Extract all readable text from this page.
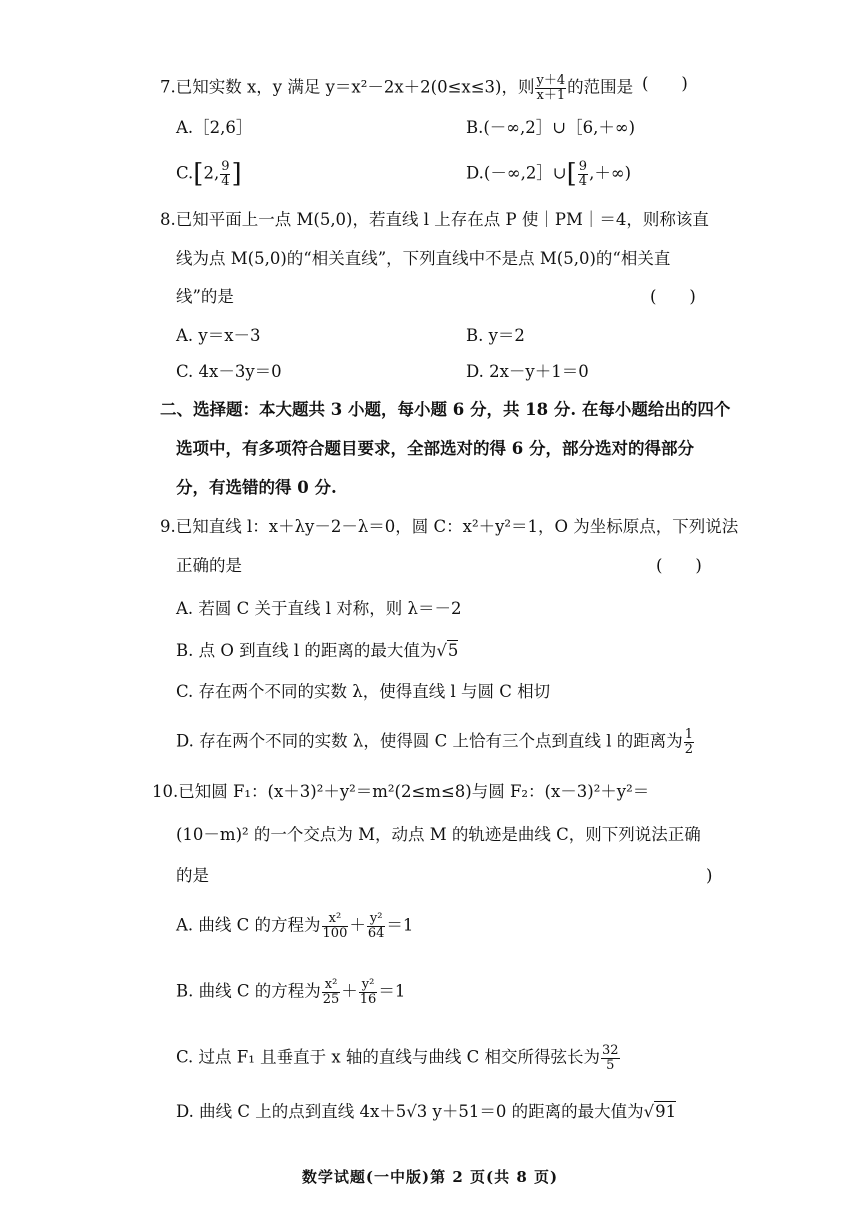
7.已知实数 x，y 满足 y＝x²－2x＋2(0≤x≤3)，则 $\frac{y+4}{x+1}$ 的范围是 (　　)
A.［2,6］	B.(－∞,2］∪［6,＋∞)
C.[2, $\frac{9}{4}$ ]	D.(－∞,2］∪[ $\frac{9}{4}$ ,＋∞)
8.已知平面上一点 M(5,0)，若直线 l 上存在点 P 使｜PM｜＝4，则称该直
线为点 M(5,0)的“相关直线”，下列直线中不是点 M(5,0)的“相关直
线”的是	(　　)
A. y＝x－3	B. y＝2
C. 4x－3y＝0	D. 2x－y＋1＝0
二、选择题：本大题共 3 小题，每小题 6 分，共 18 分. 在每小题给出的四个
选项中，有多项符合题目要求，全部选对的得 6 分，部分选对的得部分
分，有选错的得 0 分.
9.已知直线 l：x＋λy－2－λ＝0，圆 C：x²＋y²＝1，O 为坐标原点，下列说法
正确的是	(　　)
A. 若圆 C 关于直线 l 对称，则 λ＝－2
B. 点 O 到直线 l 的距离的最大值为√5
C. 存在两个不同的实数 λ，使得直线 l 与圆 C 相切
D. 存在两个不同的实数 λ，使得圆 C 上恰有三个点到直线 l 的距离为 $\frac{1}{2}$
10.已知圆 F₁：(x＋3)²＋y²＝m²(2≤m≤8)与圆 F₂：(x－3)²＋y²＝
(10－m)² 的一个交点为 M，动点 M 的轨迹是曲线 C，则下列说法正确
的是	)
A. 曲线 C 的方程为 $\frac{\text{x²}}{100} + \frac{\text{y²}}{64} =1$
B. 曲线 C 的方程为 $\frac{\text{x²}}{25} + \frac{\text{y²}}{16} =1$
C. 过点 F₁ 且垂直于 x 轴的直线与曲线 C 相交所得弦长为 $\frac{32}{5}$
D. 曲线 C 上的点到直线 4x＋5√3 y＋51＝0 的距离的最大值为√91
数学试题(一中版)第 2 页(共 8 页)
